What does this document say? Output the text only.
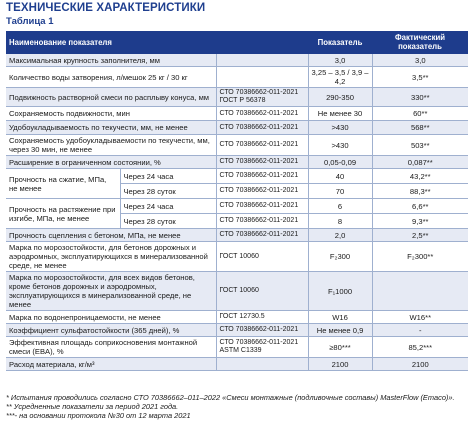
ТЕХНИЧЕСКИЕ ХАРАКТЕРИСТИКИ
Таблица 1
Наименование показателя			Показатель	Фактический показатель
Максимальная крупность заполнителя, мм			3,0	3,0
Количество воды затворения, л/мешок 25 кг / 30 кг			3,25 – 3,5 / 3,9 – 4,2	3,5**
Подвижность растворной смеси по расплыву конуса, мм		СТО 70386662-011-2021 ГОСТ Р 56378	290-350	330**
Сохраняемость подвижности, мин		СТО 70386662-011-2021	Не менее 30	60**
Удобоукладываемость по текучести, мм, не менее		СТО 70386662-011-2021	>430	568**
Сохраняемость удобоукладываемости по текучести, мм, через 30 мин, не менее		СТО 70386662-011-2021	>430	503**
Расширение в ограниченном состоянии, %		СТО 70386662-011-2021	0,05-0,09	0,087**
Прочность на сжатие, МПа, не менее	Через 24 часа	СТО 70386662-011-2021	40	43,2**
	Через 28 суток	СТО 70386662-011-2021	70	88,3**
Прочность на растяжение при изгибе, МПа, не менее	Через 24 часа	СТО 70386662-011-2021	6	6,6**
	Через 28 суток	СТО 70386662-011-2021	8	9,3**
Прочность сцепления с бетоном, МПа, не менее		СТО 70386662-011-2021	2,0	2,5**
Марка по морозостойкости, для бетонов дорожных и аэродромных, эксплуатирующихся в минерализованной среде, не менее		ГОСТ 10060	F₂300	F₂300**
Марка по морозостойкости, для всех видов бетонов, кроме бетонов дорожных и аэродромных, эксплуатирующихся в минерализованной среде, не менее		ГОСТ 10060	F₁1000	
Марка по водонепроницаемости, не менее		ГОСТ 12730.5	W16	W16**
Коэффициент сульфатостойкости (365 дней), %		СТО 70386662-011-2021	Не менее 0,9	-
Эффективная площадь соприкосновения монтажной смеси (EBA), %		СТО 70386662-011-2021 ASTM C1339	≥80***	85,2***
Расход материала, кг/м³			2100	2100
* Испытания проводились согласно СТО 70386662–011–2022 «Смеси монтажные (подливочные составы) MasterFlow (Emaco)».
** Усредненные показатели за период 2021 года.
***- на основании протокола №30 от 12 марта 2021
